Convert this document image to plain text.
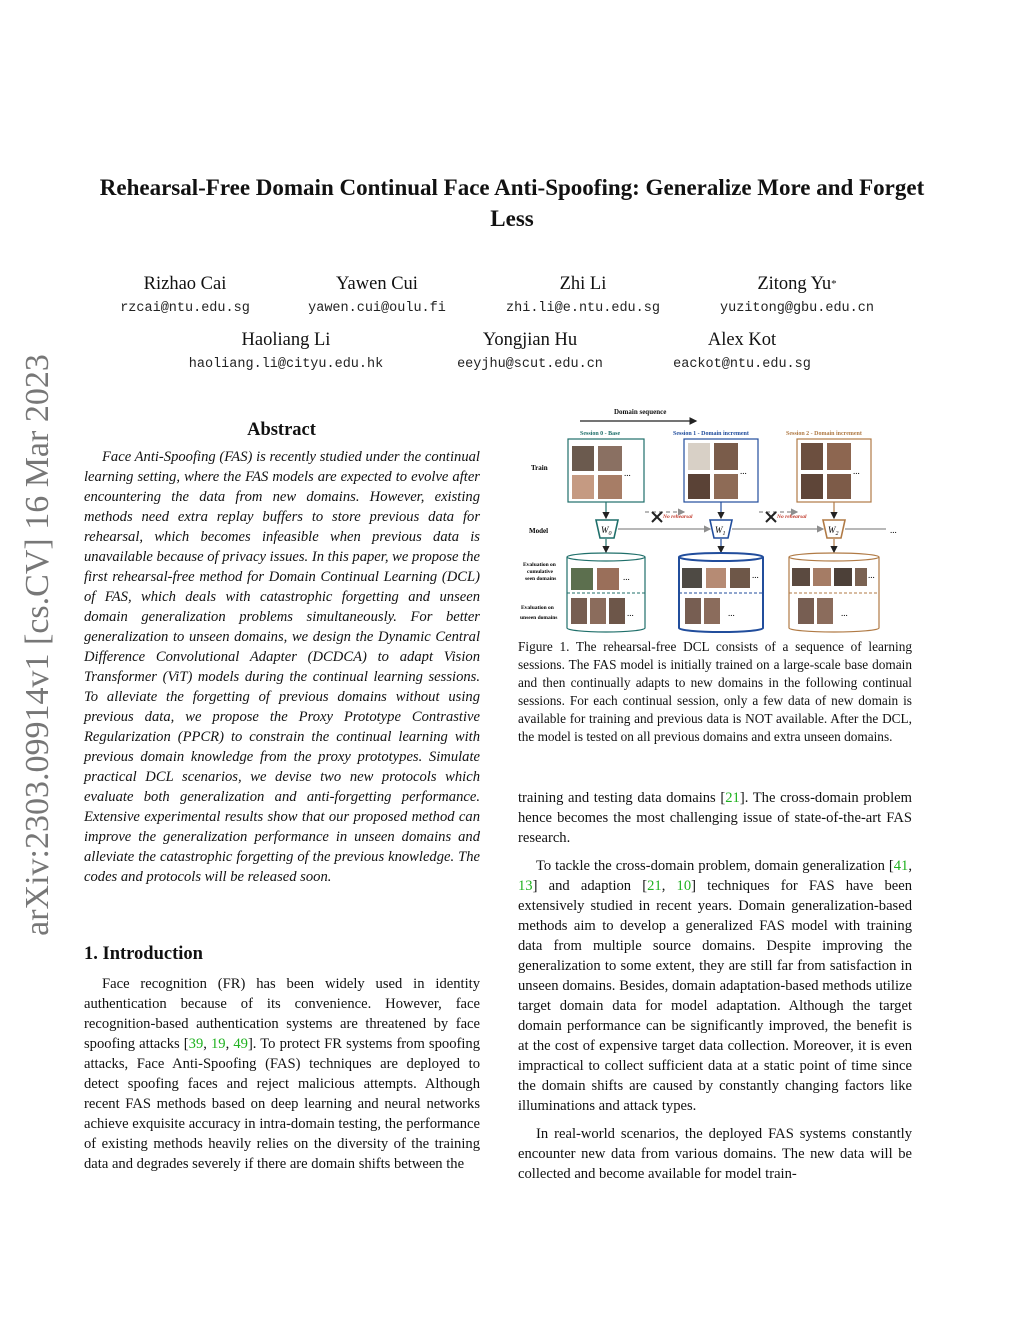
arXiv:2303.09914v1 [cs.CV] 16 Mar 2023
Rehearsal-Free Domain Continual Face Anti-Spoofing: Generalize More and Forget Less
Rizhao Cai
rzcai@ntu.edu.sg
Yawen Cui
yawen.cui@oulu.fi
Zhi Li
zhi.li@e.ntu.edu.sg
Zitong Yu*
yuzitong@gbu.edu.cn
Haoliang Li
haoliang.li@cityu.edu.hk
Yongjian Hu
eeyjhu@scut.edu.cn
Alex Kot
eackot@ntu.edu.sg
Abstract

Face Anti-Spoofing (FAS) is recently studied under the continual learning setting, where the FAS models are expected to evolve after encountering the data from new domains. However, existing methods need extra replay buffers to store previous data for rehearsal, which becomes infeasible when previous data is unavailable because of privacy issues. In this paper, we propose the first rehearsal-free method for Domain Continual Learning (DCL) of FAS, which deals with catastrophic forgetting and unseen domain generalization problems simultaneously. For better generalization to unseen domains, we design the Dynamic Central Difference Convolutional Adapter (DCDCA) to adapt Vision Transformer (ViT) models during the continual learning sessions. To alleviate the forgetting of previous domains without using previous data, we propose the Proxy Prototype Contrastive Regularization (PPCR) to constrain the continual learning with previous domain knowledge from the proxy prototypes. Simulate practical DCL scenarios, we devise two new protocols which evaluate both generalization and anti-forgetting performance. Extensive experimental results show that our proposed method can improve the generalization performance in unseen domains and alleviate the catastrophic forgetting of the previous knowledge. The codes and protocols will be released soon.

1. Introduction

Face recognition (FR) has been widely used in identity authentication because of its convenience. However, face recognition-based authentication systems are threatened by face spoofing attacks [39, 19, 49]. To protect FR systems from spoofing attacks, Face Anti-Spoofing (FAS) techniques are deployed to detect spoofing faces and reject malicious attempts. Although recent FAS methods based on deep learning and neural networks achieve exquisite accuracy in intra-domain testing, the performance of existing methods heavily relies on the diversity of the training data and degrades severely if there are domain shifts between the

Domain sequence
Train
Model
Evaluation on
cumulative
seen domains
Evaluation on
unseen domains
Session 0 - Base
...
$W_0$
...
...
Session 1 - Domain increment
...
$W_1$
...
...
Session 2 - Domain increment
...
$W_2$	...
...
...
No rehearsal	No rehearsal
Figure 1. The rehearsal-free DCL consists of a sequence of learning sessions. The FAS model is initially trained on a large-scale base domain and then continually adapts to new domains in the following continual sessions. For each continual session, only a few data of new domain is available for training and previous data is NOT available. After the DCL, the model is tested on all previous domains and extra unseen domains.

training and testing data domains [21]. The cross-domain problem hence becomes the most challenging issue of state-of-the-art FAS research.

To tackle the cross-domain problem, domain generalization [41, 13] and adaption [21, 10] techniques for FAS have been extensively studied in recent years. Domain generalization-based methods aim to develop a generalized FAS model with training data from multiple source domains. Despite improving the generalization to some extent, they are still far from satisfaction in unseen domains. Besides, domain adaptation-based methods utilize target domain data for model adaptation. Although the target domain performance can be significantly improved, the benefit is at the cost of expensive target data collection. Moreover, it is even impractical to collect sufficient data at a static point of time since the domain shifts are caused by constantly changing factors like illuminations and attack types.

In real-world scenarios, the deployed FAS systems constantly encounter new data from various domains. The new data will be collected and become available for model train-
